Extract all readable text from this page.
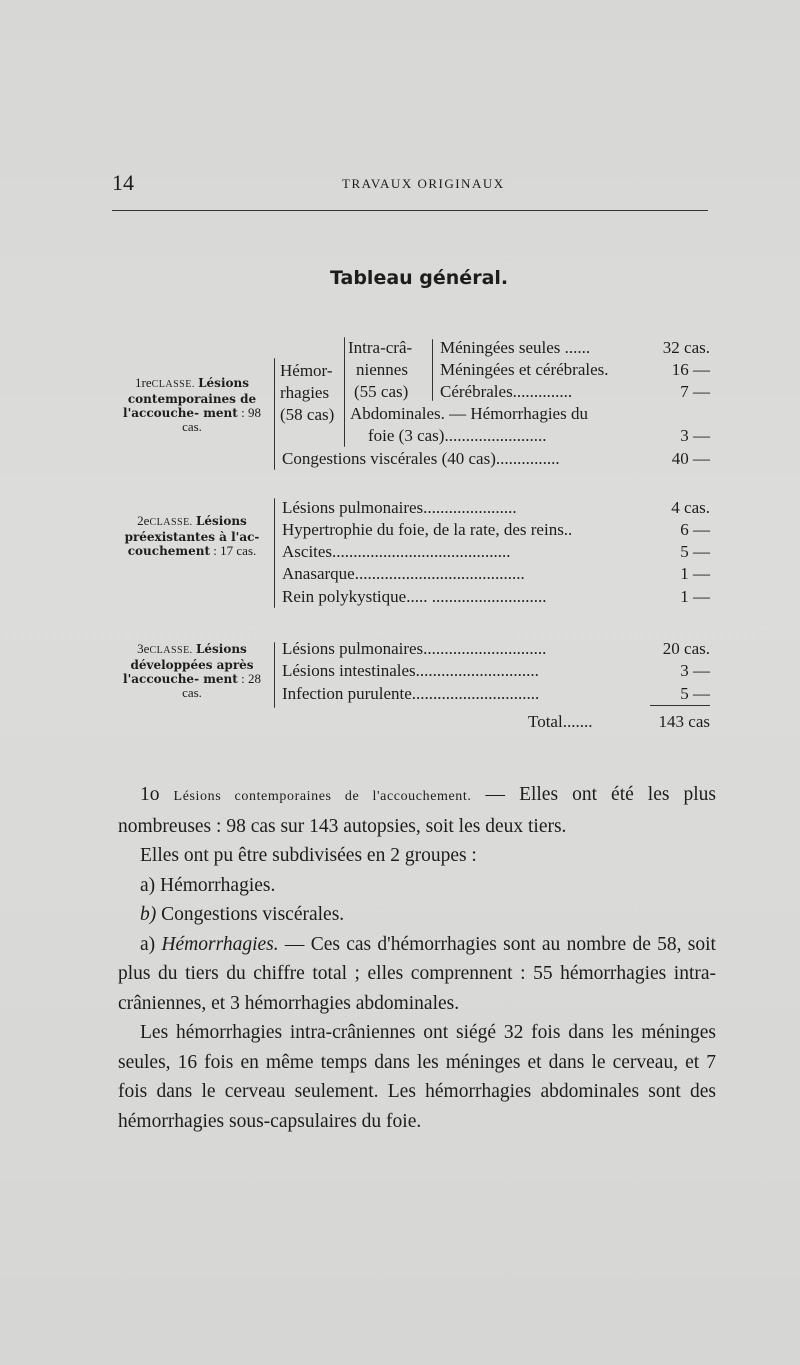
14	TRAVAUX ORIGINAUX
Tableau général.
1reCLASSE. Lésions contemporaines de l'accouche- ment : 98 cas.
Hémor-
rhagies
(58 cas)
Intra-crâ-
niennes
(55 cas)
Méningées seules ......	32 cas.
Méningées et cérébrales.	16 —
Cérébrales..............	7 —
Abdominales. — Hémorrhagies du
foie (3 cas)........................	3 —
Congestions viscérales (40 cas)...............	40 —
2eCLASSE. Lésions préexistantes à l'ac- couchement : 17 cas.
Lésions pulmonaires......................	4 cas.
Hypertrophie du foie, de la rate, des reins..	6 —
Ascites..........................................	5 —
Anasarque........................................	1 —
Rein polykystique..... ...........................	1 —
3eCLASSE. Lésions développées après l'accouche- ment : 28 cas.
Lésions pulmonaires.............................	20 cas.
Lésions intestinales.............................	3 —
Infection purulente..............................	5 —
Total.......	143 cas

1o Lésions contemporaines de l'accouchement. — Elles ont été les plus nombreuses : 98 cas sur 143 autopsies, soit les deux tiers.

Elles ont pu être subdivisées en 2 groupes :

a) Hémorrhagies.

b) Congestions viscérales.

a) Hémorrhagies. — Ces cas d'hémorrhagies sont au nombre de 58, soit plus du tiers du chiffre total ; elles comprennent : 55 hémorrhagies intra-crâniennes, et 3 hémorrhagies abdominales.

Les hémorrhagies intra-crâniennes ont siégé 32 fois dans les méninges seules, 16 fois en même temps dans les méninges et dans le cerveau, et 7 fois dans le cerveau seulement. Les hémorrhagies abdominales sont des hémorrhagies sous-capsulaires du foie.
